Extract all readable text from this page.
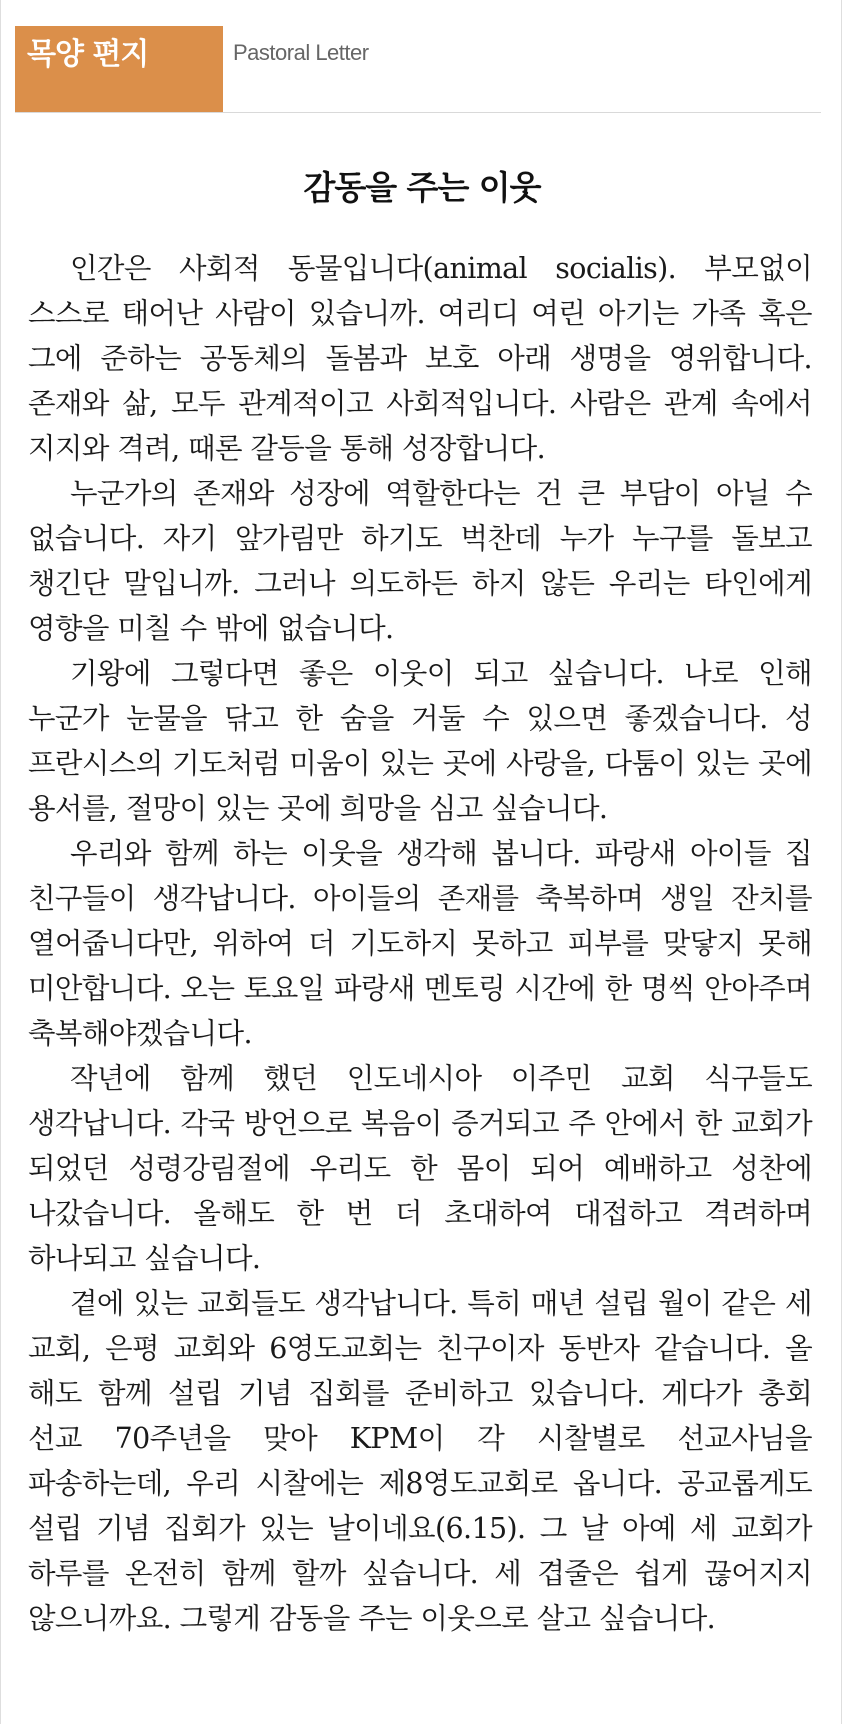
목양 편지	Pastoral Letter
감동을 주는 이웃

인간은 사회적 동물입니다(animal socialis). 부모없이 스스로 태어난 사람이 있습니까. 여리디 여린 아기는 가족 혹은 그에 준하는 공동체의 돌봄과 보호 아래 생명을 영위합니다. 존재와 삶, 모두 관계적이고 사회적입니다. 사람은 관계 속에서 지지와 격려, 때론 갈등을 통해 성장합니다.

누군가의 존재와 성장에 역할한다는 건 큰 부담이 아닐 수 없습니다. 자기 앞가림만 하기도 벅찬데 누가 누구를 돌보고 챙긴단 말입니까. 그러나 의도하든 하지 않든 우리는 타인에게 영향을 미칠 수 밖에 없습니다.

기왕에 그렇다면 좋은 이웃이 되고 싶습니다. 나로 인해 누군가 눈물을 닦고 한 숨을 거둘 수 있으면 좋겠습니다. 성 프란시스의 기도처럼 미움이 있는 곳에 사랑을, 다툼이 있는 곳에 용서를, 절망이 있는 곳에 희망을 심고 싶습니다.

우리와 함께 하는 이웃을 생각해 봅니다. 파랑새 아이들 집 친구들이 생각납니다. 아이들의 존재를 축복하며 생일 잔치를 열어줍니다만, 위하여 더 기도하지 못하고 피부를 맞닿지 못해 미안합니다. 오는 토요일 파랑새 멘토링 시간에 한 명씩 안아주며 축복해야겠습니다.

작년에 함께 했던 인도네시아 이주민 교회 식구들도 생각납니다. 각국 방언으로 복음이 증거되고 주 안에서 한 교회가 되었던 성령강림절에 우리도 한 몸이 되어 예배하고 성찬에 나갔습니다. 올해도 한 번 더 초대하여 대접하고 격려하며 하나되고 싶습니다.

곁에 있는 교회들도 생각납니다. 특히 매년 설립 월이 같은 세 교회, 은평 교회와 6영도교회는 친구이자 동반자 같습니다. 올 해도 함께 설립 기념 집회를 준비하고 있습니다. 게다가 총회 선교 70주년을 맞아 KPM이 각 시찰별로 선교사님을 파송하는데, 우리 시찰에는 제8영도교회로 옵니다. 공교롭게도 설립 기념 집회가 있는 날이네요(6.15). 그 날 아예 세 교회가 하루를 온전히 함께 할까 싶습니다. 세 겹줄은 쉽게 끊어지지 않으니까요. 그렇게 감동을 주는 이웃으로 살고 싶습니다.
